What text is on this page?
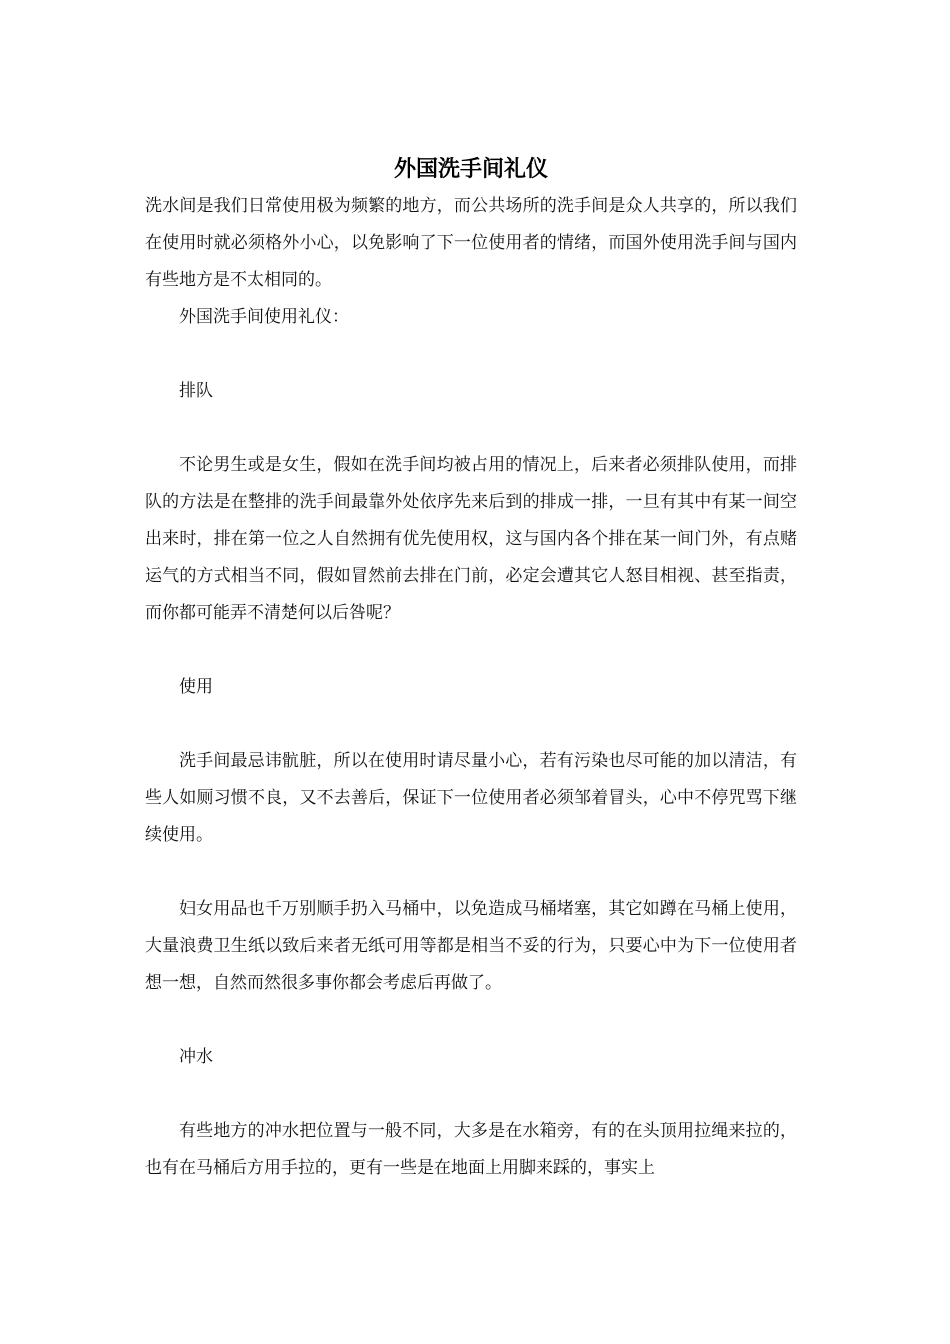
外国洗手间礼仪

洗水间是我们日常使用极为频繁的地方，而公共场所的洗手间是众人共享的，所以我们在使用时就必须格外小心，以免影响了下一位使用者的情绪，而国外使用洗手间与国内有些地方是不太相同的。

外国洗手间使用礼仪：

排队

不论男生或是女生，假如在洗手间均被占用的情况上，后来者必须排队使用，而排队的方法是在整排的洗手间最靠外处依序先来后到的排成一排，一旦有其中有某一间空出来时，排在第一位之人自然拥有优先使用权，这与国内各个排在某一间门外，有点赌运气的方式相当不同，假如冒然前去排在门前，必定会遭其它人怒目相视、甚至指责，而你都可能弄不清楚何以后咎呢？

使用

洗手间最忌讳骯脏，所以在使用时请尽量小心，若有污染也尽可能的加以清洁，有些人如厕习惯不良，又不去善后，保证下一位使用者必须邹着冒头，心中不停咒骂下继续使用。

妇女用品也千万别顺手扔入马桶中，以免造成马桶堵塞，其它如蹲在马桶上使用，大量浪费卫生纸以致后来者无纸可用等都是相当不妥的行为，只要心中为下一位使用者想一想，自然而然很多事你都会考虑后再做了。

冲水

有些地方的冲水把位置与一般不同，大多是在水箱旁，有的在头顶用拉绳来拉的，也有在马桶后方用手拉的，更有一些是在地面上用脚来踩的，事实上
